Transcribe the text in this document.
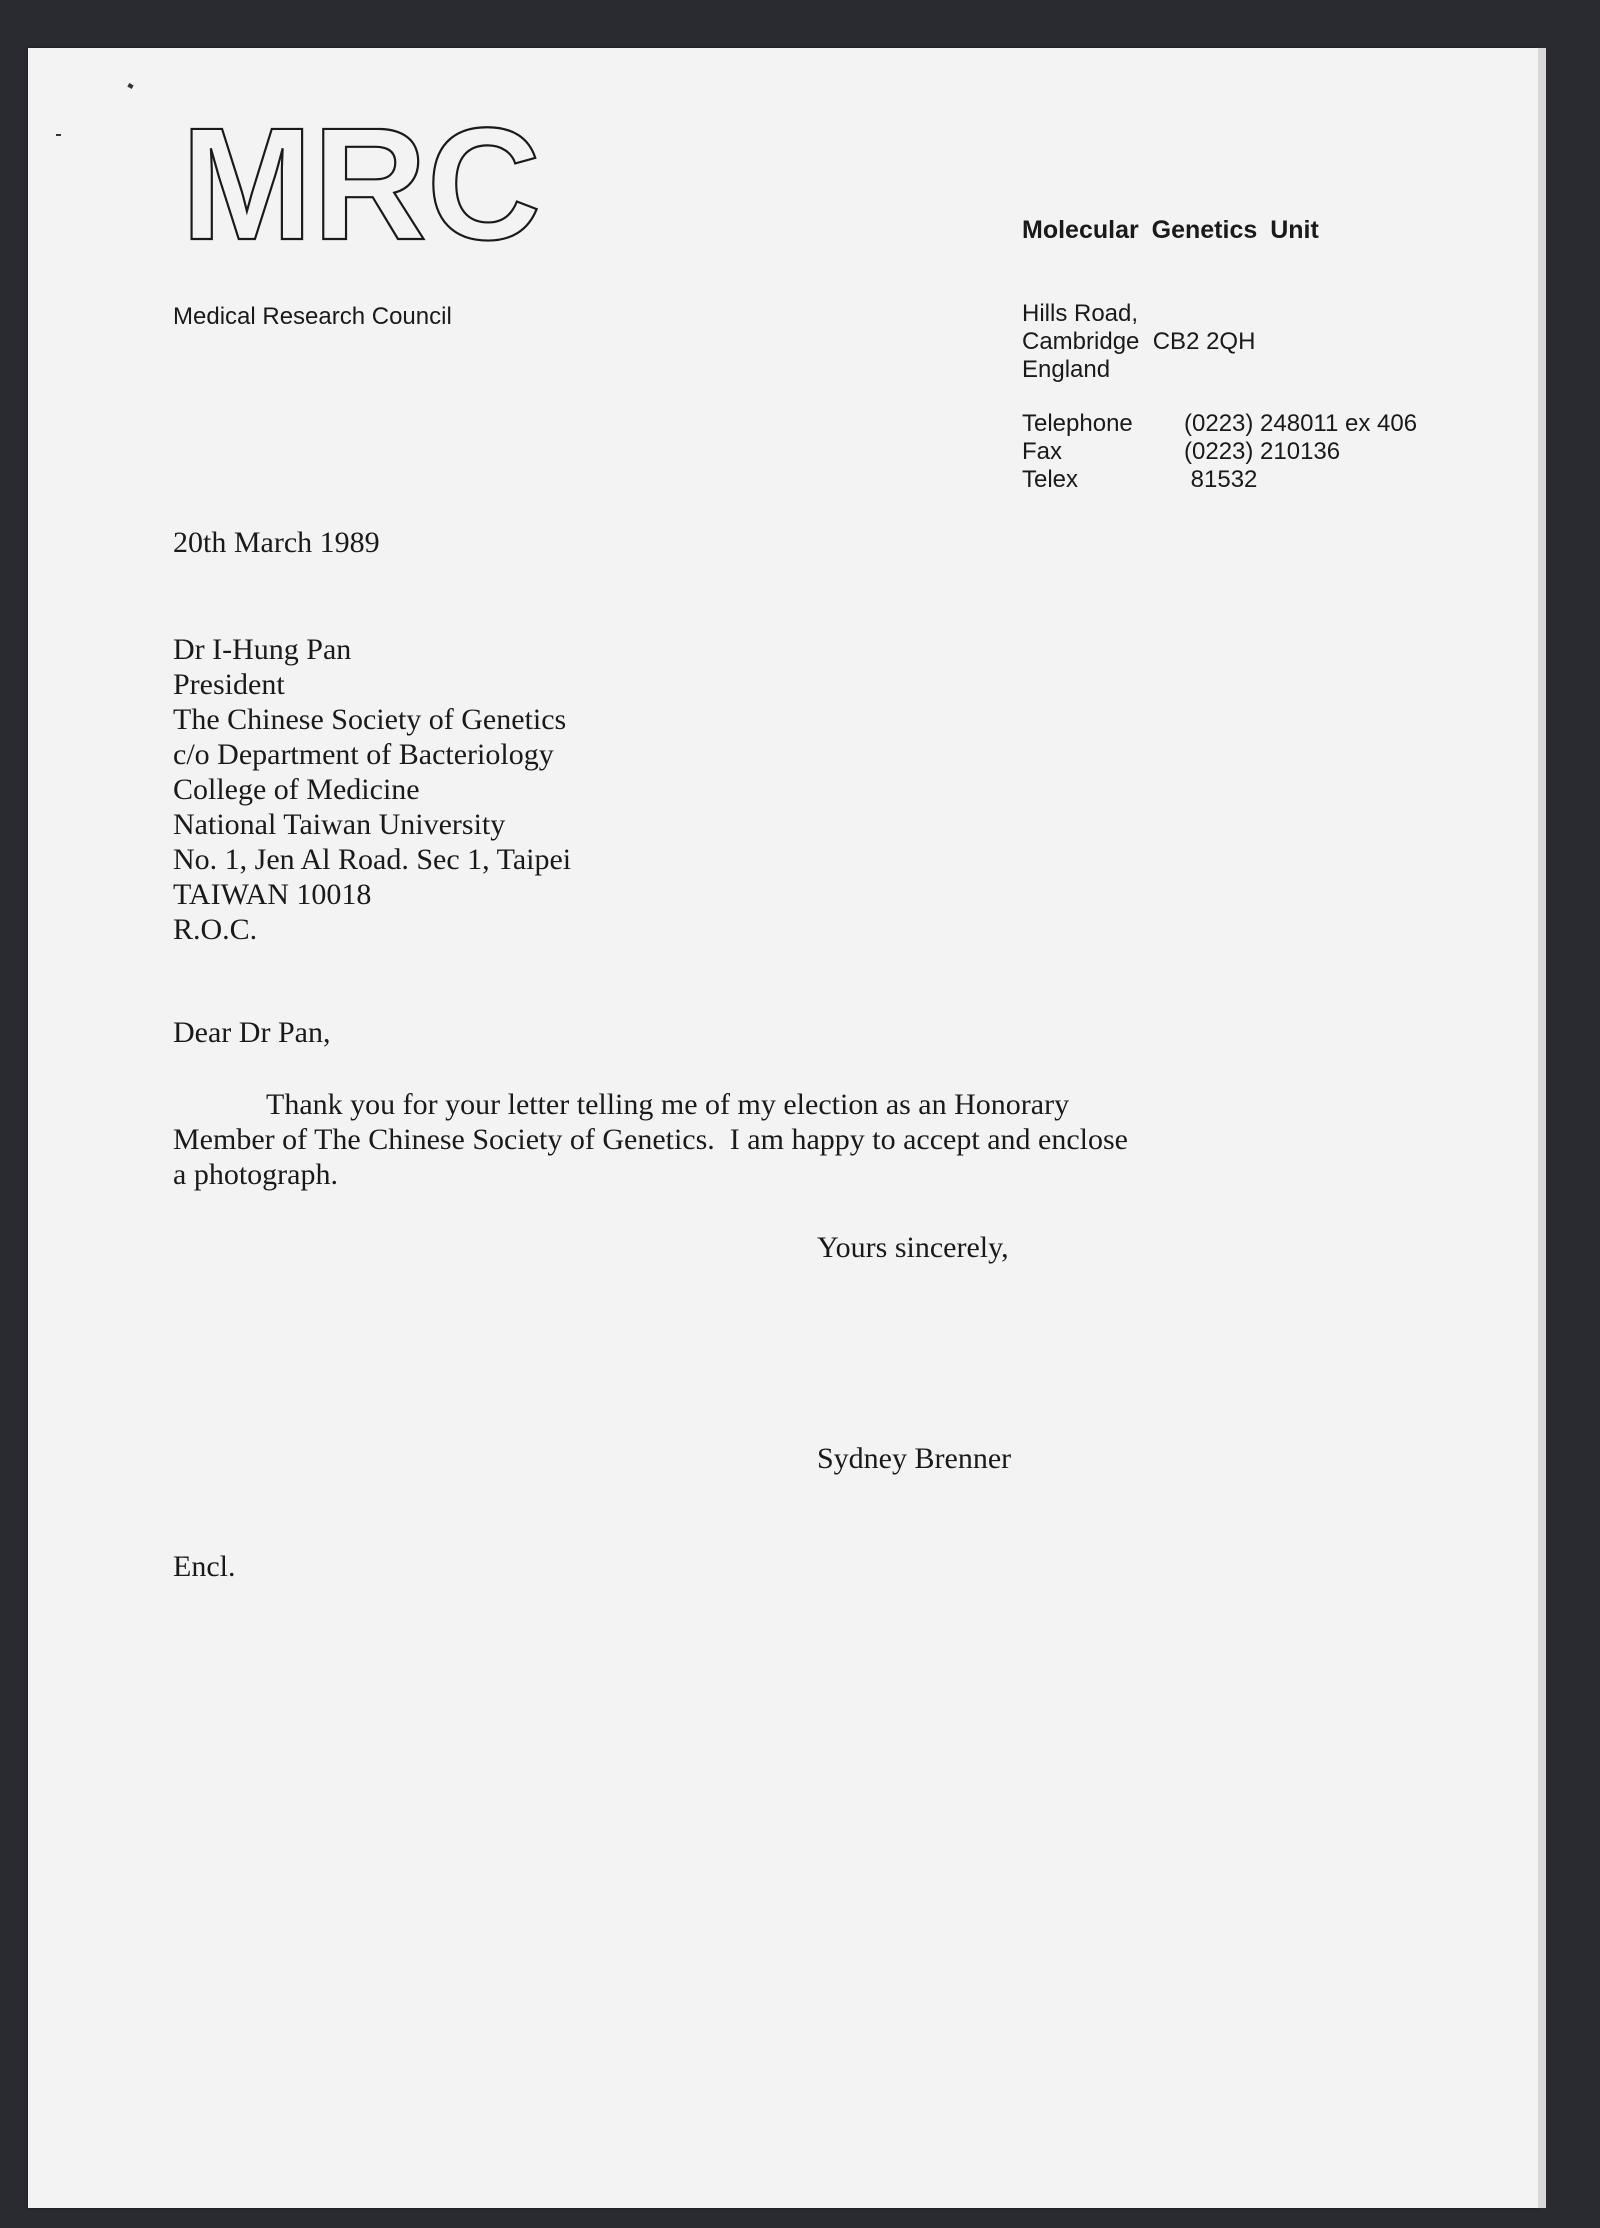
MRC
Medical Research Council
Molecular Genetics Unit
Hills Road,
Cambridge  CB2 2QH
England
Telephone	(0223) 248011 ex 406
Fax	(0223) 210136
Telex	81532
20th March 1989
Dr I-Hung Pan
President
The Chinese Society of Genetics
c/o Department of Bacteriology
College of Medicine
National Taiwan University
No. 1, Jen Al Road. Sec 1, Taipei
TAIWAN 10018
R.O.C.
Dear Dr Pan,
Thank you for your letter telling me of my election as an Honorary
Member of The Chinese Society of Genetics.  I am happy to accept and enclose
a photograph.
Yours sincerely,
Sydney Brenner
Encl.
